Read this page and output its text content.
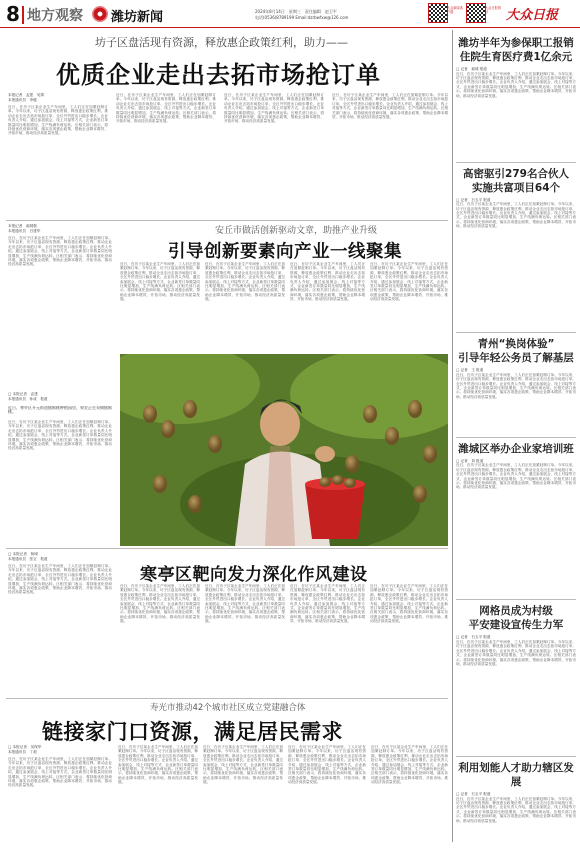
8 地方观察 潍坊新闻	2024年8月14日　星期三　责任编辑　赵卫平
电话(0536)8789199 Email:dzrbwfxw@126.com
大众新闻客户端
大众日报微信	大众日报
坊子区盘活现有资源，释放惠企政策红利，助力——
优质企业走出去拓市场抢订单
本报记者　孟建　吴婧
本报通讯员　李健
近日，在坊子区某企业生产车间里，工人们正在加紧赶制订单。今年以来，坊子区盘活现有资源，释放惠企政策红利，推动企业走出去拓市场抢订单，全区外贸进出口稳步增长。企业负责人介绍，通过参加展会、线上对接等方式，企业新签订单数量同比明显增加，生产线满负荷运转。区相关部门表示，将持续优化营商环境，落实各项惠企政策，帮助企业降本增效、开拓市场，推动经济高质量发展。
近日，在坊子区某企业生产车间里，工人们正在加紧赶制订单。今年以来，坊子区盘活现有资源，释放惠企政策红利，推动企业走出去拓市场抢订单，全区外贸进出口稳步增长。企业负责人介绍，通过参加展会、线上对接等方式，企业新签订单数量同比明显增加，生产线满负荷运转。区相关部门表示，将持续优化营商环境，落实各项惠企政策，帮助企业降本增效、开拓市场，推动经济高质量发展。
近日，在坊子区某企业生产车间里，工人们正在加紧赶制订单。今年以来，坊子区盘活现有资源，释放惠企政策红利，推动企业走出去拓市场抢订单，全区外贸进出口稳步增长。企业负责人介绍，通过参加展会、线上对接等方式，企业新签订单数量同比明显增加，生产线满负荷运转。区相关部门表示，将持续优化营商环境，落实各项惠企政策，帮助企业降本增效、开拓市场，推动经济高质量发展。
近日，在坊子区某企业生产车间里，工人们正在加紧赶制订单。今年以来，坊子区盘活现有资源，释放惠企政策红利，推动企业走出去拓市场抢订单，全区外贸进出口稳步增长。企业负责人介绍，通过参加展会、线上对接等方式，企业新签订单数量同比明显增加，生产线满负荷运转。区相关部门表示，将持续优化营商环境，落实各项惠企政策，帮助企业降本增效、开拓市场，推动经济高质量发展。
本报记者　郝城强
本报通讯员　吕建华
近日，在坊子区某企业生产车间里，工人们正在加紧赶制订单。今年以来，坊子区盘活现有资源，释放惠企政策红利，推动企业走出去拓市场抢订单，全区外贸进出口稳步增长。企业负责人介绍，通过参加展会、线上对接等方式，企业新签订单数量同比明显增加，生产线满负荷运转。区相关部门表示，将持续优化营商环境，落实各项惠企政策，帮助企业降本增效、开拓市场，推动经济高质量发展。
安丘市做活创新驱动文章，助推产业升级
引导创新要素向产业一线聚集
近日，在坊子区某企业生产车间里，工人们正在加紧赶制订单。今年以来，坊子区盘活现有资源，释放惠企政策红利，推动企业走出去拓市场抢订单，全区外贸进出口稳步增长。企业负责人介绍，通过参加展会、线上对接等方式，企业新签订单数量同比明显增加，生产线满负荷运转。区相关部门表示，将持续优化营商环境，落实各项惠企政策，帮助企业降本增效、开拓市场，推动经济高质量发展。
近日，在坊子区某企业生产车间里，工人们正在加紧赶制订单。今年以来，坊子区盘活现有资源，释放惠企政策红利，推动企业走出去拓市场抢订单，全区外贸进出口稳步增长。企业负责人介绍，通过参加展会、线上对接等方式，企业新签订单数量同比明显增加，生产线满负荷运转。区相关部门表示，将持续优化营商环境，落实各项惠企政策，帮助企业降本增效、开拓市场，推动经济高质量发展。
近日，在坊子区某企业生产车间里，工人们正在加紧赶制订单。今年以来，坊子区盘活现有资源，释放惠企政策红利，推动企业走出去拓市场抢订单，全区外贸进出口稳步增长。企业负责人介绍，通过参加展会、线上对接等方式，企业新签订单数量同比明显增加，生产线满负荷运转。区相关部门表示，将持续优化营商环境，落实各项惠企政策，帮助企业降本增效、开拓市场，推动经济高质量发展。
近日，在坊子区某企业生产车间里，工人们正在加紧赶制订单。今年以来，坊子区盘活现有资源，释放惠企政策红利，推动企业走出去拓市场抢订单，全区外贸进出口稳步增长。企业负责人介绍，通过参加展会、线上对接等方式，企业新签订单数量同比明显增加，生产线满负荷运转。区相关部门表示，将持续优化营商环境，落实各项惠企政策，帮助企业降本增效、开拓市场，推动经济高质量发展。
□ 本报记者　孟建
本报通讯员　孙成　报道
近日，寒亭区开元街道猕猴桃种植园里，果农正在采摘猕猴桃。
近日，在坊子区某企业生产车间里，工人们正在加紧赶制订单。今年以来，坊子区盘活现有资源，释放惠企政策红利，推动企业走出去拓市场抢订单，全区外贸进出口稳步增长。企业负责人介绍，通过参加展会、线上对接等方式，企业新签订单数量同比明显增加，生产线满负荷运转。区相关部门表示，将持续优化营商环境，落实各项惠企政策，帮助企业降本增效、开拓市场，推动经济高质量发展。
□ 本报记者　杨城
本报通讯员　张宝　报道
寒亭区靶向发力深化作风建设
近日，在坊子区某企业生产车间里，工人们正在加紧赶制订单。今年以来，坊子区盘活现有资源，释放惠企政策红利，推动企业走出去拓市场抢订单，全区外贸进出口稳步增长。企业负责人介绍，通过参加展会、线上对接等方式，企业新签订单数量同比明显增加，生产线满负荷运转。区相关部门表示，将持续优化营商环境，落实各项惠企政策，帮助企业降本增效、开拓市场，推动经济高质量发展。
近日，在坊子区某企业生产车间里，工人们正在加紧赶制订单。今年以来，坊子区盘活现有资源，释放惠企政策红利，推动企业走出去拓市场抢订单，全区外贸进出口稳步增长。企业负责人介绍，通过参加展会、线上对接等方式，企业新签订单数量同比明显增加，生产线满负荷运转。区相关部门表示，将持续优化营商环境，落实各项惠企政策，帮助企业降本增效、开拓市场，推动经济高质量发展。
近日，在坊子区某企业生产车间里，工人们正在加紧赶制订单。今年以来，坊子区盘活现有资源，释放惠企政策红利，推动企业走出去拓市场抢订单，全区外贸进出口稳步增长。企业负责人介绍，通过参加展会、线上对接等方式，企业新签订单数量同比明显增加，生产线满负荷运转。区相关部门表示，将持续优化营商环境，落实各项惠企政策，帮助企业降本增效、开拓市场，推动经济高质量发展。
近日，在坊子区某企业生产车间里，工人们正在加紧赶制订单。今年以来，坊子区盘活现有资源，释放惠企政策红利，推动企业走出去拓市场抢订单，全区外贸进出口稳步增长。企业负责人介绍，通过参加展会、线上对接等方式，企业新签订单数量同比明显增加，生产线满负荷运转。区相关部门表示，将持续优化营商环境，落实各项惠企政策，帮助企业降本增效、开拓市场，推动经济高质量发展。
近日，在坊子区某企业生产车间里，工人们正在加紧赶制订单。今年以来，坊子区盘活现有资源，释放惠企政策红利，推动企业走出去拓市场抢订单，全区外贸进出口稳步增长。企业负责人介绍，通过参加展会、线上对接等方式，企业新签订单数量同比明显增加，生产线满负荷运转。区相关部门表示，将持续优化营商环境，落实各项惠企政策，帮助企业降本增效、开拓市场，推动经济高质量发展。
寿光市推动42个城市社区成立党建融合体
链接家门口资源，满足居民需求
□ 本报记者　吴保华
本报通讯员　丁莉
近日，在坊子区某企业生产车间里，工人们正在加紧赶制订单。今年以来，坊子区盘活现有资源，释放惠企政策红利，推动企业走出去拓市场抢订单，全区外贸进出口稳步增长。企业负责人介绍，通过参加展会、线上对接等方式，企业新签订单数量同比明显增加，生产线满负荷运转。区相关部门表示，将持续优化营商环境，落实各项惠企政策，帮助企业降本增效、开拓市场，推动经济高质量发展。
近日，在坊子区某企业生产车间里，工人们正在加紧赶制订单。今年以来，坊子区盘活现有资源，释放惠企政策红利，推动企业走出去拓市场抢订单，全区外贸进出口稳步增长。企业负责人介绍，通过参加展会、线上对接等方式，企业新签订单数量同比明显增加，生产线满负荷运转。区相关部门表示，将持续优化营商环境，落实各项惠企政策，帮助企业降本增效、开拓市场，推动经济高质量发展。
近日，在坊子区某企业生产车间里，工人们正在加紧赶制订单。今年以来，坊子区盘活现有资源，释放惠企政策红利，推动企业走出去拓市场抢订单，全区外贸进出口稳步增长。企业负责人介绍，通过参加展会、线上对接等方式，企业新签订单数量同比明显增加，生产线满负荷运转。区相关部门表示，将持续优化营商环境，落实各项惠企政策，帮助企业降本增效、开拓市场，推动经济高质量发展。
近日，在坊子区某企业生产车间里，工人们正在加紧赶制订单。今年以来，坊子区盘活现有资源，释放惠企政策红利，推动企业走出去拓市场抢订单，全区外贸进出口稳步增长。企业负责人介绍，通过参加展会、线上对接等方式，企业新签订单数量同比明显增加，生产线满负荷运转。区相关部门表示，将持续优化营商环境，落实各项惠企政策，帮助企业降本增效、开拓市场，推动经济高质量发展。
近日，在坊子区某企业生产车间里，工人们正在加紧赶制订单。今年以来，坊子区盘活现有资源，释放惠企政策红利，推动企业走出去拓市场抢订单，全区外贸进出口稳步增长。企业负责人介绍，通过参加展会、线上对接等方式，企业新签订单数量同比明显增加，生产线满负荷运转。区相关部门表示，将持续优化营商环境，落实各项惠企政策，帮助企业降本增效、开拓市场，推动经济高质量发展。
潍坊半年为参保职工报销
住院生育医疗费1亿余元
□ 记者　郝城 报道
近日，在坊子区某企业生产车间里，工人们正在加紧赶制订单。今年以来，坊子区盘活现有资源，释放惠企政策红利，推动企业走出去拓市场抢订单，全区外贸进出口稳步增长。企业负责人介绍，通过参加展会、线上对接等方式，企业新签订单数量同比明显增加，生产线满负荷运转。区相关部门表示，将持续优化营商环境，落实各项惠企政策，帮助企业降本增效、开拓市场，推动经济高质量发展。
高密驱引279名合伙人
实施共富项目64个
□ 记者　石玉平 报道
近日，在坊子区某企业生产车间里，工人们正在加紧赶制订单。今年以来，坊子区盘活现有资源，释放惠企政策红利，推动企业走出去拓市场抢订单，全区外贸进出口稳步增长。企业负责人介绍，通过参加展会、线上对接等方式，企业新签订单数量同比明显增加，生产线满负荷运转。区相关部门表示，将持续优化营商环境，落实各项惠企政策，帮助企业降本增效、开拓市场，推动经济高质量发展。
青州“换岗体验”
引导年轻公务员了解基层
□ 记者　王 报道
近日，在坊子区某企业生产车间里，工人们正在加紧赶制订单。今年以来，坊子区盘活现有资源，释放惠企政策红利，推动企业走出去拓市场抢订单，全区外贸进出口稳步增长。企业负责人介绍，通过参加展会、线上对接等方式，企业新签订单数量同比明显增加，生产线满负荷运转。区相关部门表示，将持续优化营商环境，落实各项惠企政策，帮助企业降本增效、开拓市场，推动经济高质量发展。
潍城区举办企业家培训班
□ 记者　刘 报道
近日，在坊子区某企业生产车间里，工人们正在加紧赶制订单。今年以来，坊子区盘活现有资源，释放惠企政策红利，推动企业走出去拓市场抢订单，全区外贸进出口稳步增长。企业负责人介绍，通过参加展会、线上对接等方式，企业新签订单数量同比明显增加，生产线满负荷运转。区相关部门表示，将持续优化营商环境，落实各项惠企政策，帮助企业降本增效、开拓市场，推动经济高质量发展。
网格员成为村级
平安建设宣传生力军
□ 记者　石玉平 报道
近日，在坊子区某企业生产车间里，工人们正在加紧赶制订单。今年以来，坊子区盘活现有资源，释放惠企政策红利，推动企业走出去拓市场抢订单，全区外贸进出口稳步增长。企业负责人介绍，通过参加展会、线上对接等方式，企业新签订单数量同比明显增加，生产线满负荷运转。区相关部门表示，将持续优化营商环境，落实各项惠企政策，帮助企业降本增效、开拓市场，推动经济高质量发展。
利用划能人才助力辖区发展
□ 记者　石玉平 报道
近日，在坊子区某企业生产车间里，工人们正在加紧赶制订单。今年以来，坊子区盘活现有资源，释放惠企政策红利，推动企业走出去拓市场抢订单，全区外贸进出口稳步增长。企业负责人介绍，通过参加展会、线上对接等方式，企业新签订单数量同比明显增加，生产线满负荷运转。区相关部门表示，将持续优化营商环境，落实各项惠企政策，帮助企业降本增效、开拓市场，推动经济高质量发展。
